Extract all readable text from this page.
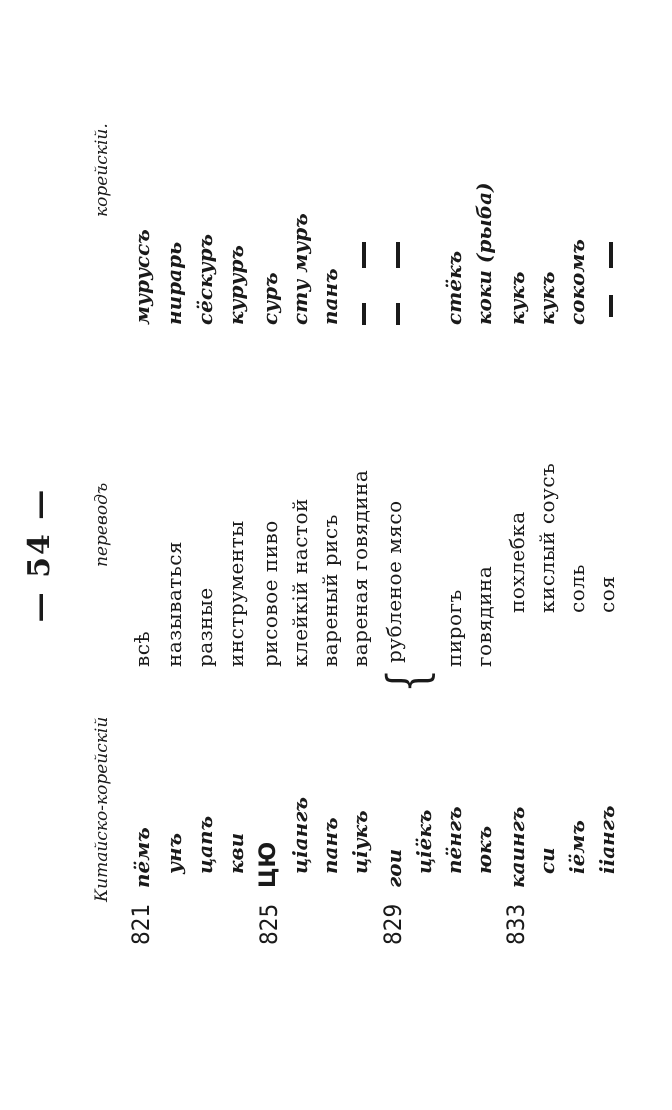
— 54 —
Китайско-корейскій
переводъ
корейскій.
{
821
пёмъ
всѣ
муруссъ
унъ
называться
нирарь
цапъ
разные
сёскуръ
кви
инструменты
куруръ
825
ЦЮ
рисовое пиво
суръ
цiангъ
клейкiй настой
сту муръ
панъ
вареный рисъ
панъ
цiукъ
вареная говядина
829
гои
рубленое мясо
цiёкъ пёнгъ
пирогъ
стёкъ
юкъ
говядина
коки (рыба)
833
каингъ
похлебка
кукъ
си
кислый соусъ
кукъ
iёмъ
соль
сокомъ
iiангъ
соя
